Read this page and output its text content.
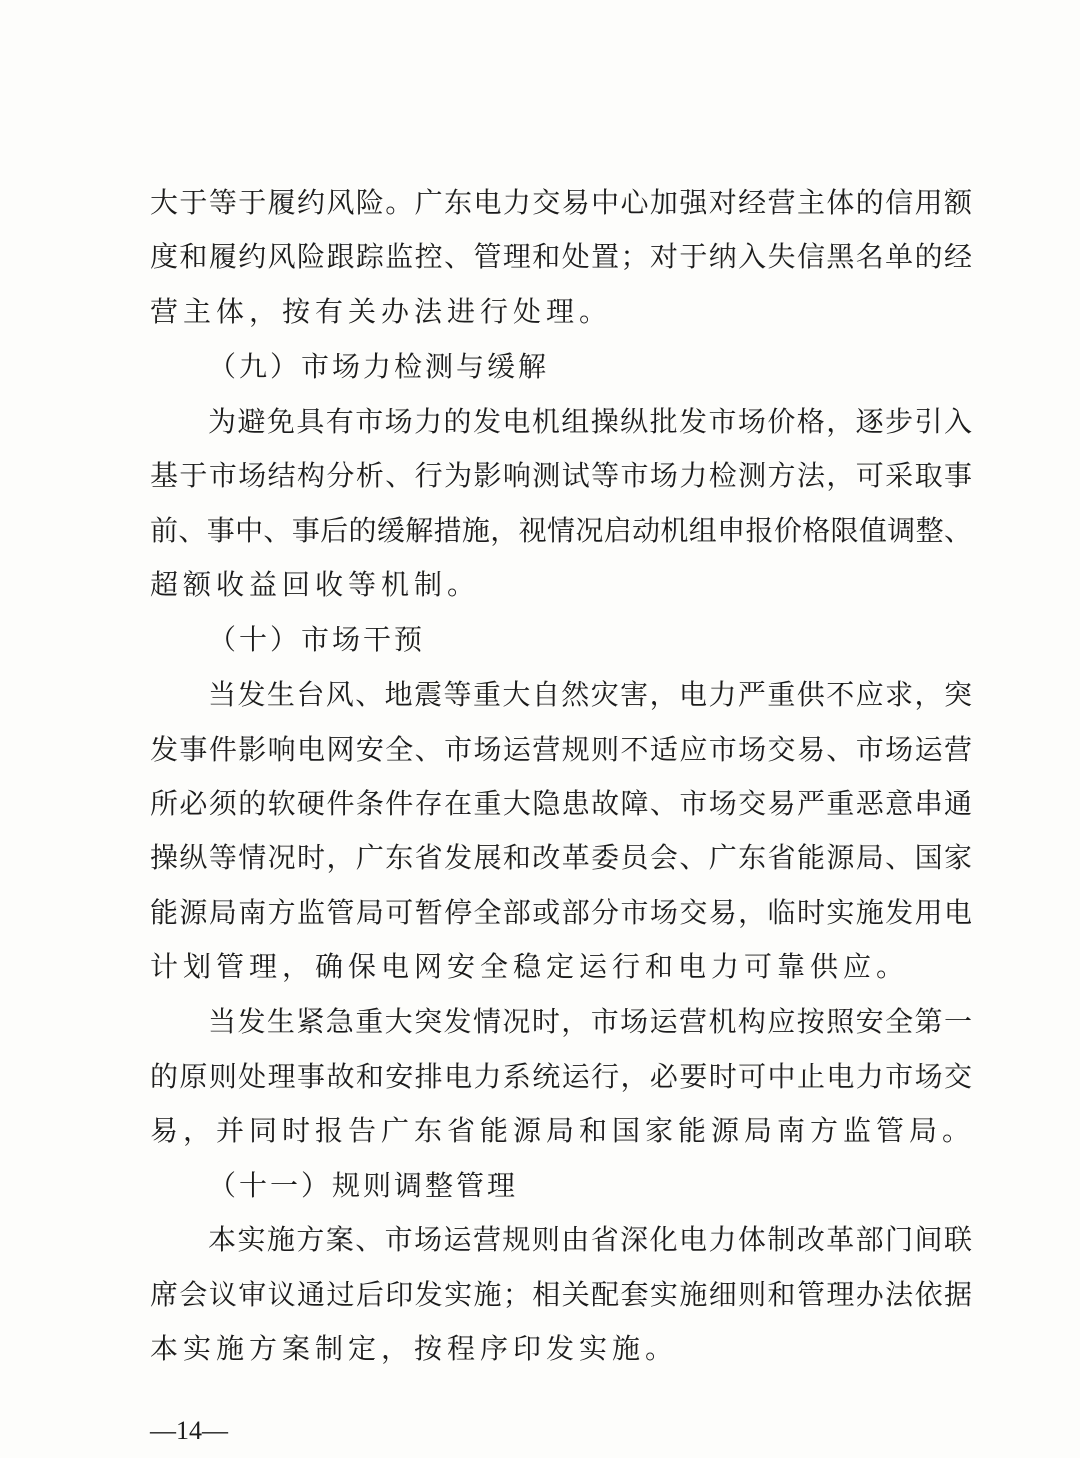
大于等于履约风险。广东电力交易中心加强对经营主体的信用额
度和履约风险跟踪监控、管理和处置；对于纳入失信黑名单的经
营主体，按有关办法进行处理。
（九）市场力检测与缓解
为避免具有市场力的发电机组操纵批发市场价格，逐步引入
基于市场结构分析、行为影响测试等市场力检测方法，可采取事
前、事中、事后的缓解措施，视情况启动机组申报价格限值调整、
超额收益回收等机制。
（十）市场干预
当发生台风、地震等重大自然灾害，电力严重供不应求，突
发事件影响电网安全、市场运营规则不适应市场交易、市场运营
所必须的软硬件条件存在重大隐患故障、市场交易严重恶意串通
操纵等情况时，广东省发展和改革委员会、广东省能源局、国家
能源局南方监管局可暂停全部或部分市场交易，临时实施发用电
计划管理，确保电网安全稳定运行和电力可靠供应。
当发生紧急重大突发情况时，市场运营机构应按照安全第一
的原则处理事故和安排电力系统运行，必要时可中止电力市场交
易，并同时报告广东省能源局和国家能源局南方监管局。
（十一）规则调整管理
本实施方案、市场运营规则由省深化电力体制改革部门间联
席会议审议通过后印发实施；相关配套实施细则和管理办法依据
本实施方案制定，按程序印发实施。
—14—
